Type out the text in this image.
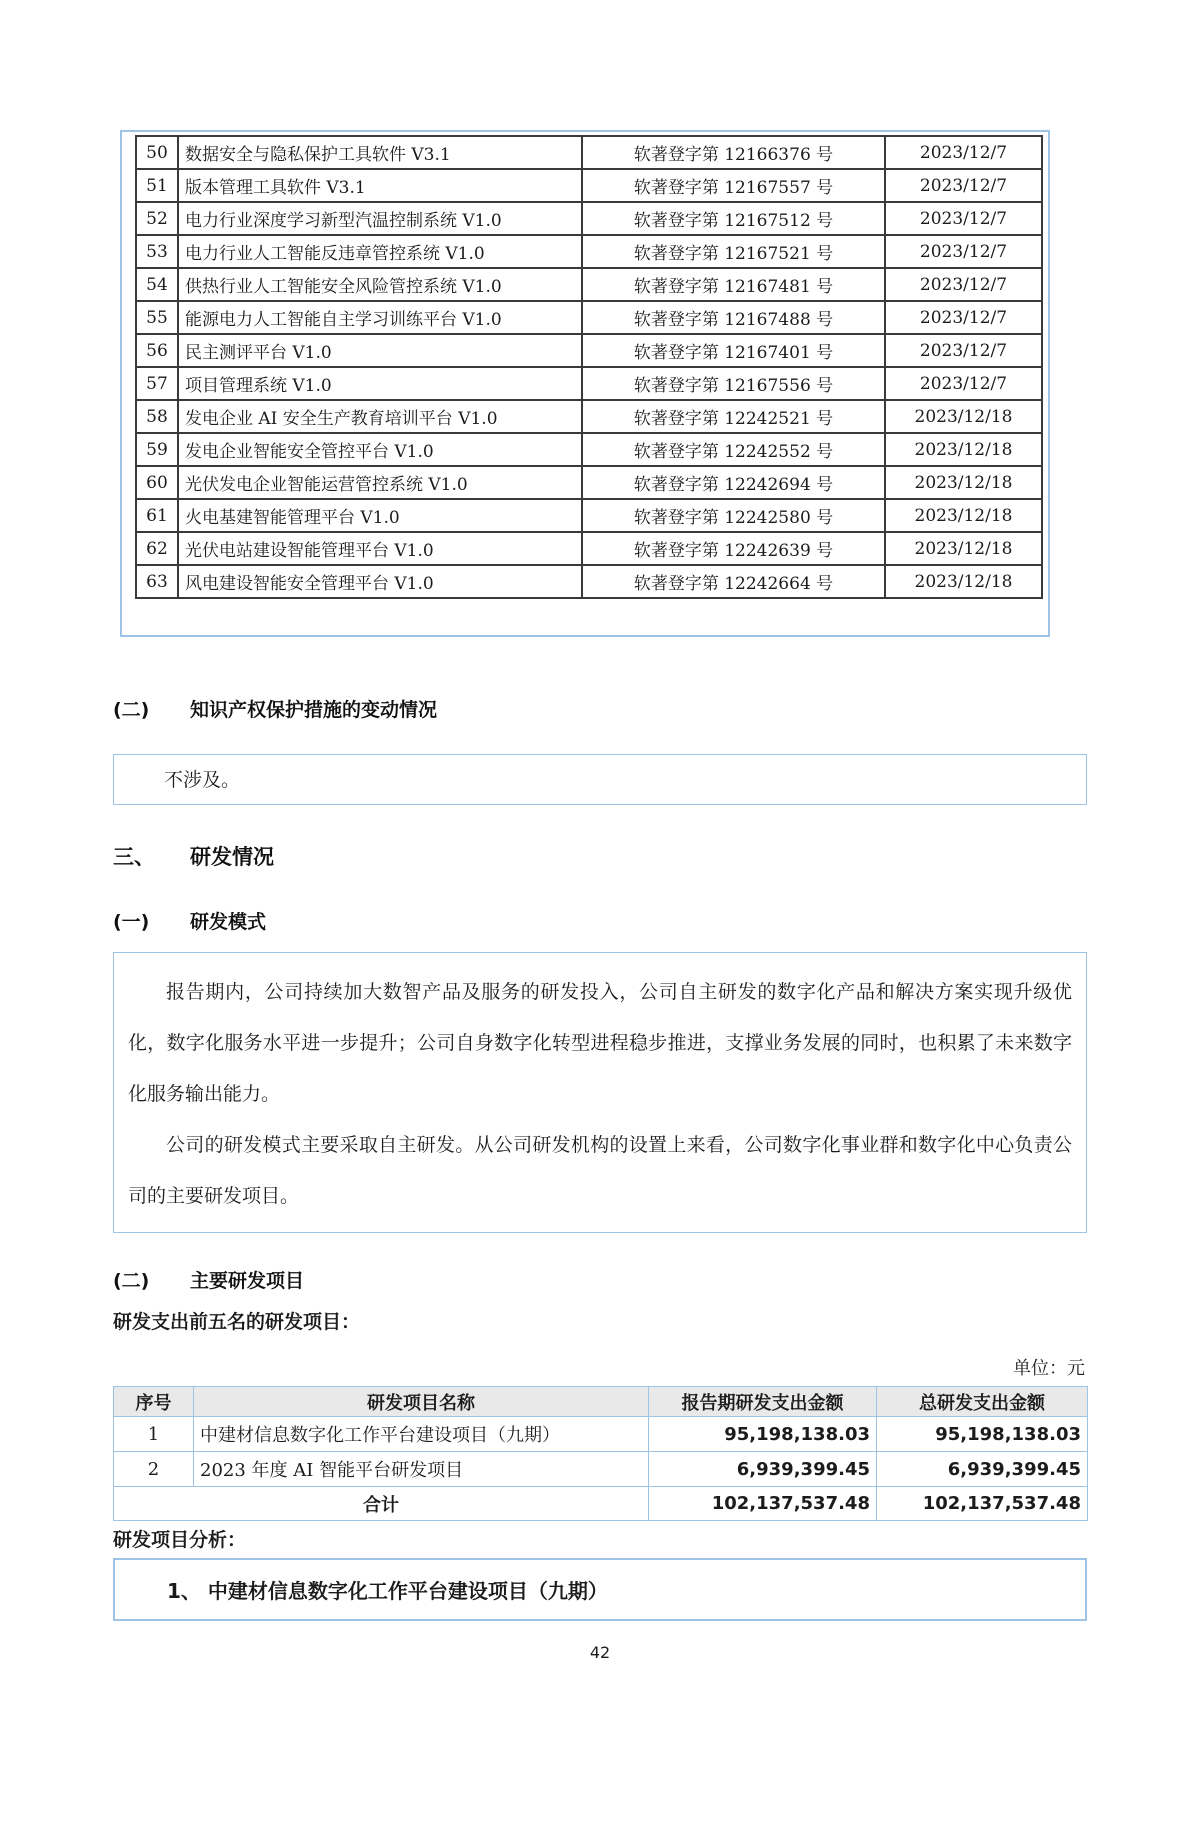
50	数据安全与隐私保护工具软件 V3.1	软著登字第 12166376 号	2023/12/7
51	版本管理工具软件 V3.1	软著登字第 12167557 号	2023/12/7
52	电力行业深度学习新型汽温控制系统 V1.0	软著登字第 12167512 号	2023/12/7
53	电力行业人工智能反违章管控系统 V1.0	软著登字第 12167521 号	2023/12/7
54	供热行业人工智能安全风险管控系统 V1.0	软著登字第 12167481 号	2023/12/7
55	能源电力人工智能自主学习训练平台 V1.0	软著登字第 12167488 号	2023/12/7
56	民主测评平台 V1.0	软著登字第 12167401 号	2023/12/7
57	项目管理系统 V1.0	软著登字第 12167556 号	2023/12/7
58	发电企业 AI 安全生产教育培训平台 V1.0	软著登字第 12242521 号	2023/12/18
59	发电企业智能安全管控平台 V1.0	软著登字第 12242552 号	2023/12/18
60	光伏发电企业智能运营管控系统 V1.0	软著登字第 12242694 号	2023/12/18
61	火电基建智能管理平台 V1.0	软著登字第 12242580 号	2023/12/18
62	光伏电站建设智能管理平台 V1.0	软著登字第 12242639 号	2023/12/18
63	风电建设智能安全管理平台 V1.0	软著登字第 12242664 号	2023/12/18
(二) 知识产权保护措施的变动情况

不涉及。

三、 研发情况
(一) 研发模式

报告期内，公司持续加大数智产品及服务的研发投入，公司自主研发的数字化产品和解决方案实现升级优化，数字化服务水平进一步提升；公司自身数字化转型进程稳步推进，支撑业务发展的同时，也积累了未来数字化服务输出能力。

公司的研发模式主要采取自主研发。从公司研发机构的设置上来看，公司数字化事业群和数字化中心负责公司的主要研发项目。

(二) 主要研发项目
研发支出前五名的研发项目：
单位：元
序号	研发项目名称	报告期研发支出金额	总研发支出金额
1	中建材信息数字化工作平台建设项目（九期）	95,198,138.03	95,198,138.03
2	2023 年度 AI 智能平台研发项目	6,939,399.45	6,939,399.45
合计		102,137,537.48	102,137,537.48
研发项目分析：

1、 中建材信息数字化工作平台建设项目（九期）

42
